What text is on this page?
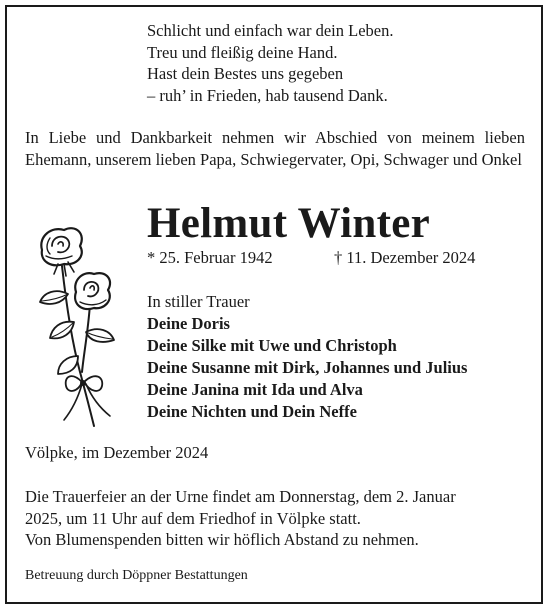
Schlicht und einfach war dein Leben.
Treu und fleißig deine Hand.
Hast dein Bestes uns gegeben
– ruh’ in Frieden, hab tausend Dank.
In Liebe und Dankbarkeit nehmen wir Abschied von meinem lieben Ehemann, unserem lieben Papa, Schwiegervater, Opi, Schwager und Onkel
Helmut Winter
* 25. Februar 1942	† 11. Dezember 2024
In stiller Trauer
Deine Doris
Deine Silke mit Uwe und Christoph
Deine Susanne mit Dirk, Johannes und Julius
Deine Janina mit Ida und Alva
Deine Nichten und Dein Neffe
Völpke, im Dezember 2024
Die Trauerfeier an der Urne findet am Donnerstag, dem 2. Januar
2025, um 11 Uhr auf dem Friedhof in Völpke statt.
Von Blumenspenden bitten wir höflich Abstand zu nehmen.
Betreuung durch Döppner Bestattungen
